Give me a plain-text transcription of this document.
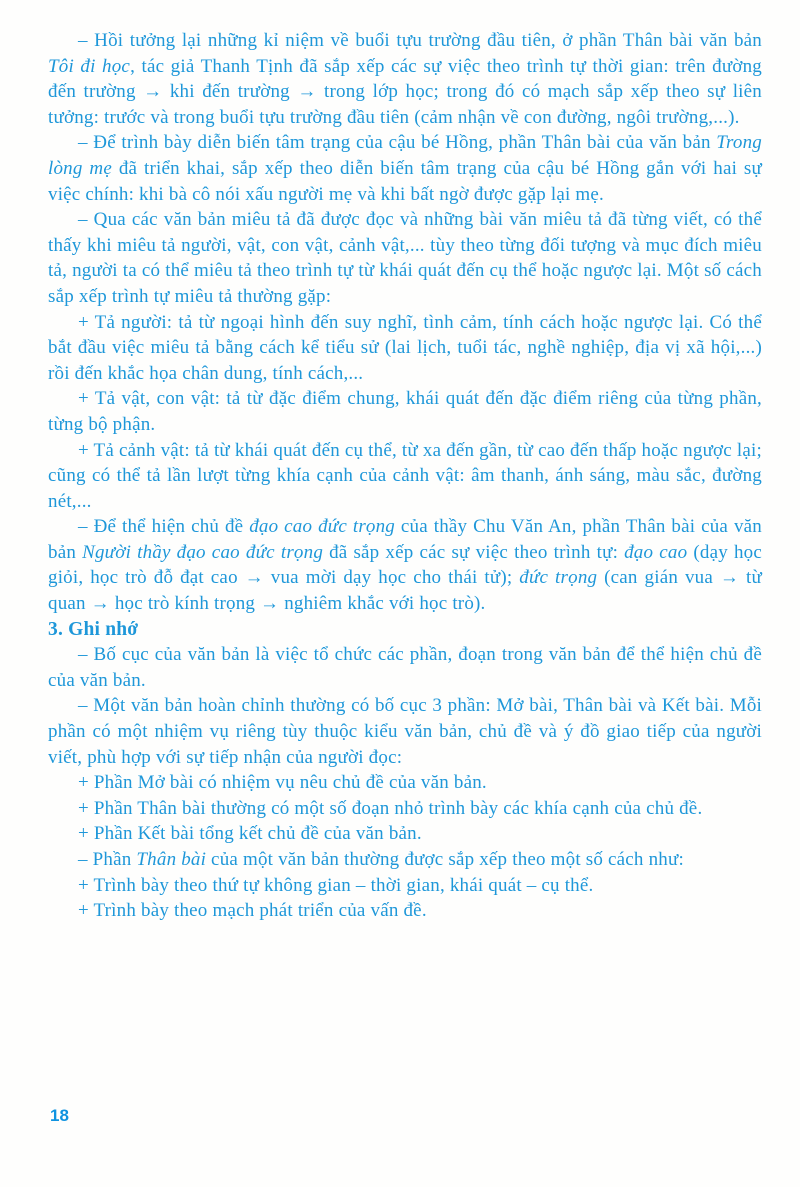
– Hồi tưởng lại những kỉ niệm về buổi tựu trường đầu tiên, ở phần Thân bài văn bản Tôi đi học, tác giả Thanh Tịnh đã sắp xếp các sự việc theo trình tự thời gian: trên đường đến trường → khi đến trường → trong lớp học; trong đó có mạch sắp xếp theo sự liên tưởng: trước và trong buổi tựu trường đầu tiên (cảm nhận về con đường, ngôi trường,...).

– Để trình bày diễn biến tâm trạng của cậu bé Hồng, phần Thân bài của văn bản Trong lòng mẹ đã triển khai, sắp xếp theo diễn biến tâm trạng của cậu bé Hồng gắn với hai sự việc chính: khi bà cô nói xấu người mẹ và khi bất ngờ được gặp lại mẹ.

– Qua các văn bản miêu tả đã được đọc và những bài văn miêu tả đã từng viết, có thể thấy khi miêu tả người, vật, con vật, cảnh vật,... tùy theo từng đối tượng và mục đích miêu tả, người ta có thể miêu tả theo trình tự từ khái quát đến cụ thể hoặc ngược lại. Một số cách sắp xếp trình tự miêu tả thường gặp:

+ Tả người: tả từ ngoại hình đến suy nghĩ, tình cảm, tính cách hoặc ngược lại. Có thể bắt đầu việc miêu tả bằng cách kể tiểu sử (lai lịch, tuổi tác, nghề nghiệp, địa vị xã hội,...) rồi đến khắc họa chân dung, tính cách,...

+ Tả vật, con vật: tả từ đặc điểm chung, khái quát đến đặc điểm riêng của từng phần, từng bộ phận.

+ Tả cảnh vật: tả từ khái quát đến cụ thể, từ xa đến gần, từ cao đến thấp hoặc ngược lại; cũng có thể tả lần lượt từng khía cạnh của cảnh vật: âm thanh, ánh sáng, màu sắc, đường nét,...

– Để thể hiện chủ đề đạo cao đức trọng của thầy Chu Văn An, phần Thân bài của văn bản Người thầy đạo cao đức trọng đã sắp xếp các sự việc theo trình tự: đạo cao (dạy học giỏi, học trò đỗ đạt cao → vua mời dạy học cho thái tử); đức trọng (can gián vua → từ quan → học trò kính trọng → nghiêm khắc với học trò).

3. Ghi nhớ

– Bố cục của văn bản là việc tổ chức các phần, đoạn trong văn bản để thể hiện chủ đề của văn bản.

– Một văn bản hoàn chỉnh thường có bố cục 3 phần: Mở bài, Thân bài và Kết bài. Mỗi phần có một nhiệm vụ riêng tùy thuộc kiểu văn bản, chủ đề và ý đồ giao tiếp của người viết, phù hợp với sự tiếp nhận của người đọc:

+ Phần Mở bài có nhiệm vụ nêu chủ đề của văn bản.

+ Phần Thân bài thường có một số đoạn nhỏ trình bày các khía cạnh của chủ đề.

+ Phần Kết bài tổng kết chủ đề của văn bản.

– Phần Thân bài của một văn bản thường được sắp xếp theo một số cách như:

+ Trình bày theo thứ tự không gian – thời gian, khái quát – cụ thể.

+ Trình bày theo mạch phát triển của vấn đề.

18
